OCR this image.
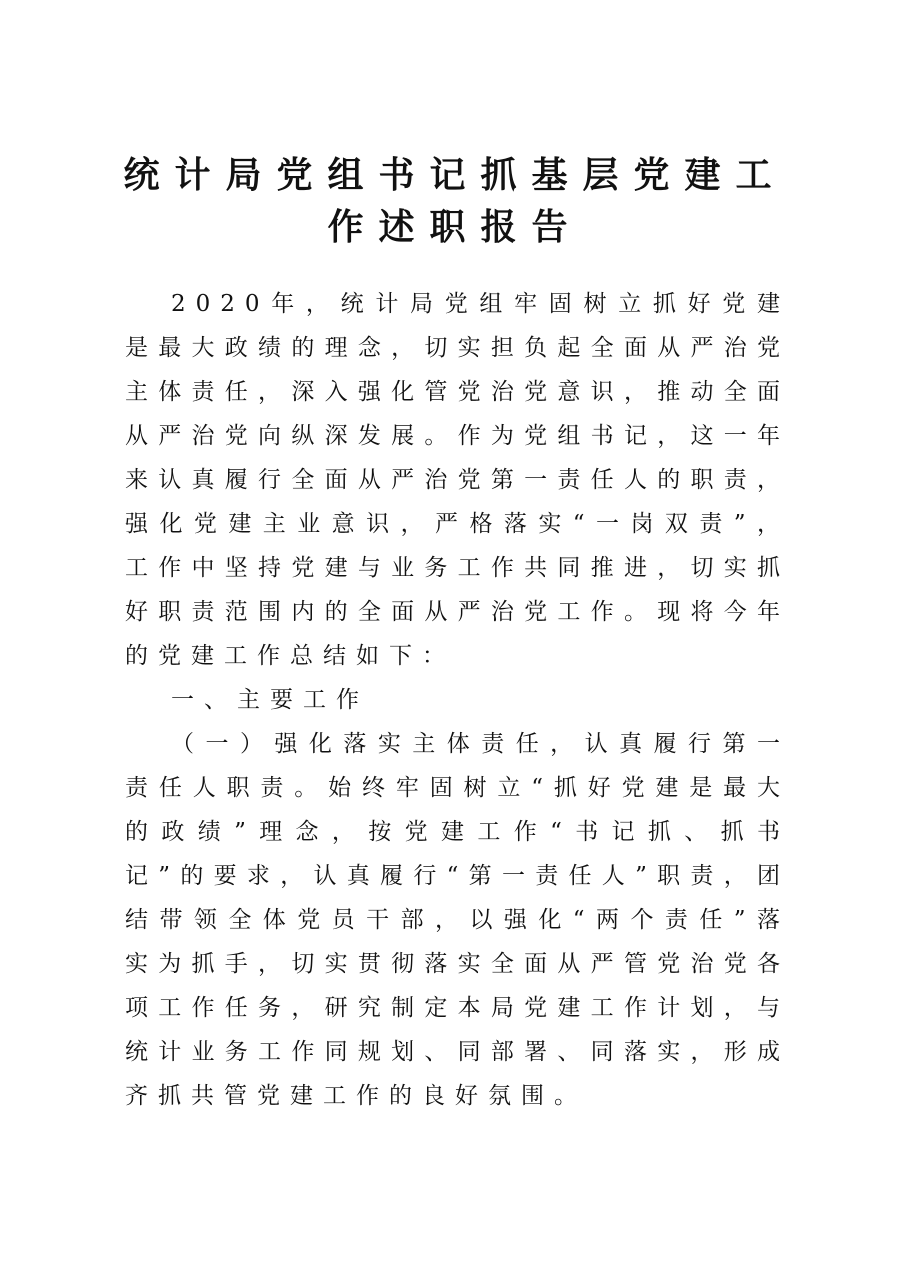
统计局党组书记抓基层党建工作述职报告

2020年，统计局党组牢固树立抓好党建是最大政绩的理念，切实担负起全面从严治党主体责任，深入强化管党治党意识，推动全面从严治党向纵深发展。作为党组书记，这一年来认真履行全面从严治党第一责任人的职责，强化党建主业意识，严格落实“一岗双责”，工作中坚持党建与业务工作共同推进，切实抓好职责范围内的全面从严治党工作。现将今年的党建工作总结如下：

一、主要工作

（一）强化落实主体责任，认真履行第一责任人职责。始终牢固树立“抓好党建是最大的政绩”理念，按党建工作“书记抓、抓书记”的要求，认真履行“第一责任人”职责，团结带领全体党员干部，以强化“两个责任”落实为抓手，切实贯彻落实全面从严管党治党各项工作任务，研究制定本局党建工作计划，与统计业务工作同规划、同部署、同落实，形成齐抓共管党建工作的良好氛围。
